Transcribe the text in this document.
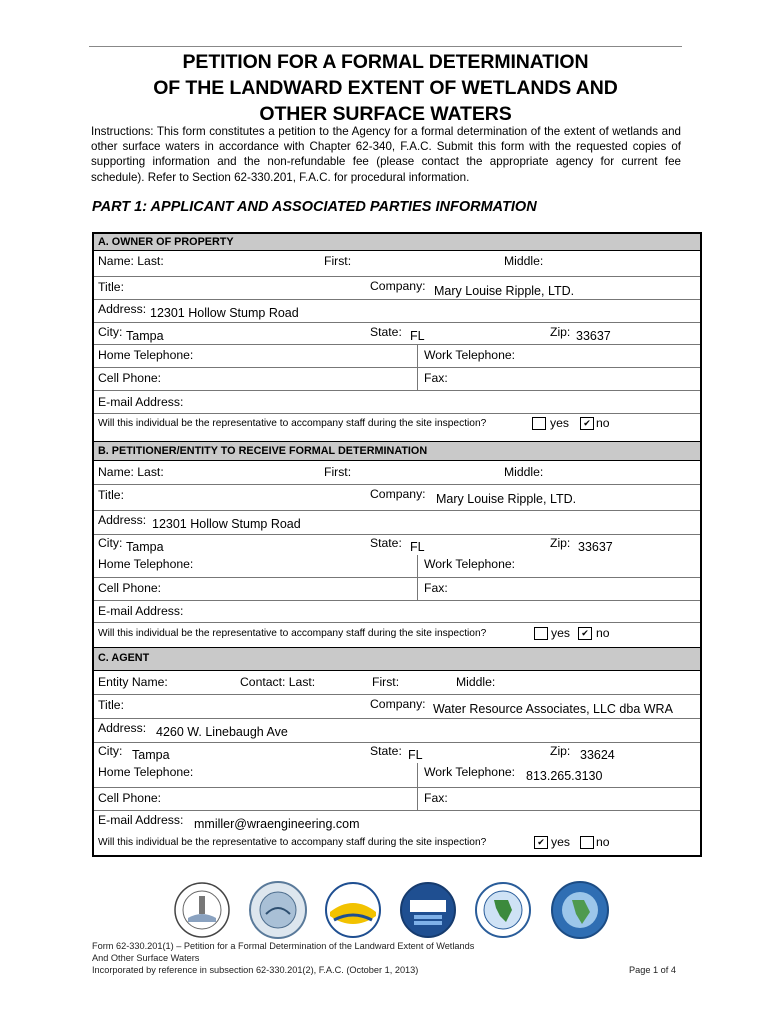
PETITION FOR A FORMAL DETERMINATION
OF THE LANDWARD EXTENT OF WETLANDS AND
OTHER SURFACE WATERS
Instructions: This form constitutes a petition to the Agency for a formal determination of the extent of wetlands and other surface waters in accordance with Chapter 62-340, F.A.C. Submit this form with the requested copies of supporting information and the non-refundable fee (please contact the appropriate agency for current fee schedule). Refer to Section 62-330.201, F.A.C. for procedural information.
PART 1: APPLICANT AND ASSOCIATED PARTIES INFORMATION
A. OWNER OF PROPERTY
Name: Last:	First:	Middle:
Title:	Company: Mary Louise Ripple, LTD.
Address: 12301 Hollow Stump Road
City: Tampa	State: FL	Zip: 33637
Home Telephone:	Work Telephone:
Cell Phone:	Fax:
E-mail Address:
Will this individual be the representative to accompany staff during the site inspection?	yes	✔ no
B. PETITIONER/ENTITY TO RECEIVE FORMAL DETERMINATION
Name: Last:	First:	Middle:
Title:	Company: Mary Louise Ripple, LTD.
Address: 12301 Hollow Stump Road
City: Tampa	State: FL	Zip: 33637
Home Telephone:	Work Telephone:
Cell Phone:	Fax:
E-mail Address:
Will this individual be the representative to accompany staff during the site inspection?	yes	✔ no
C. AGENT
Entity Name:	Contact: Last:	First:	Middle:
Title:	Company: Water Resource Associates, LLC dba WRA
Address: 4260 W. Linebaugh Ave
City: Tampa	State: FL	Zip: 33624
Home Telephone:	Work Telephone: 813.265.3130
Cell Phone:	Fax:
E-mail Address: mmiller@wraengineering.com
Will this individual be the representative to accompany staff during the site inspection?	✔ yes no
Form 62-330.201(1) – Petition for a Formal Determination of the Landward Extent of Wetlands
And Other Surface Waters
Incorporated by reference in subsection 62-330.201(2), F.A.C. (October 1, 2013)	Page 1 of 4
